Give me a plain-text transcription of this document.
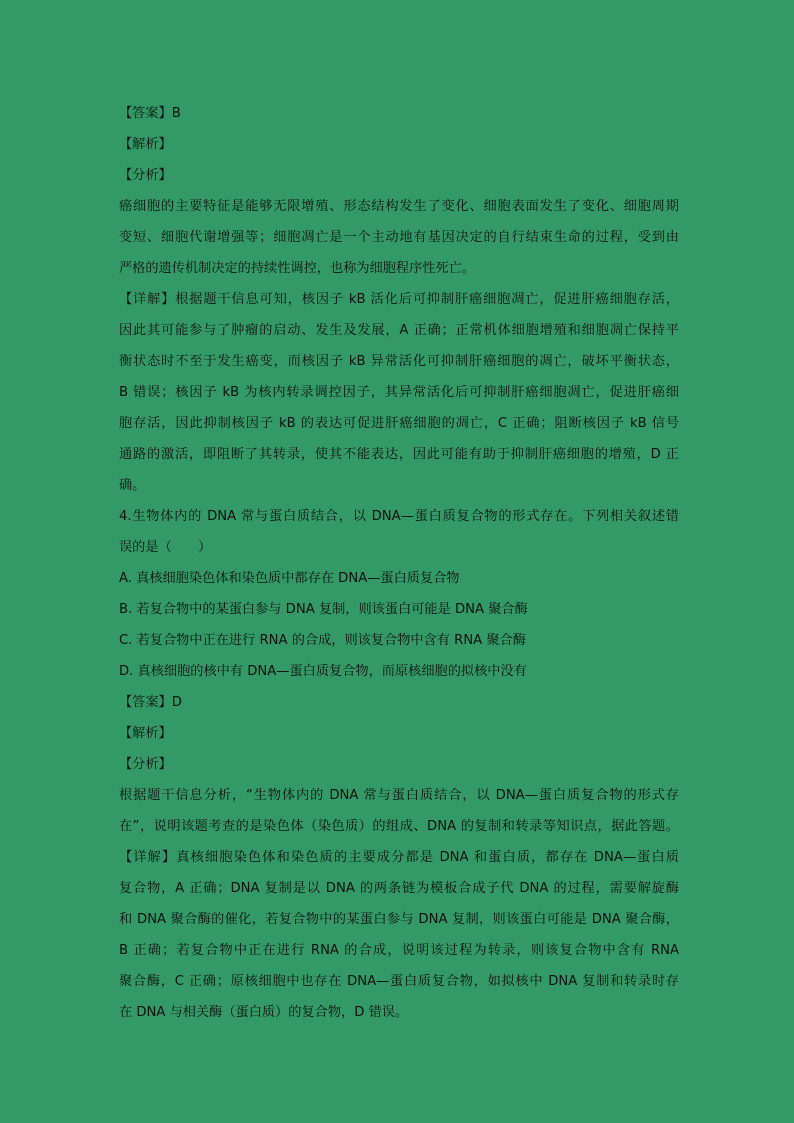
【答案】B
【解析】
【分析】
癌细胞的主要特征是能够无限增殖、形态结构发生了变化、细胞表面发生了变化、细胞周期
变短、细胞代谢增强等；细胞凋亡是一个主动地有基因决定的自行结束生命的过程，受到由
严格的遗传机制决定的持续性调控，也称为细胞程序性死亡。
【详解】根据题干信息可知，核因子 kB 活化后可抑制肝癌细胞凋亡，促进肝癌细胞存活，
因此其可能参与了肿瘤的启动、发生及发展，A 正确；正常机体细胞增殖和细胞凋亡保持平
衡状态时不至于发生癌变，而核因子 kB 异常活化可抑制肝癌细胞的凋亡，破坏平衡状态，
B 错误；核因子 kB 为核内转录调控因子，其异常活化后可抑制肝癌细胞凋亡，促进肝癌细
胞存活，因此抑制核因子 kB 的表达可促进肝癌细胞的凋亡，C 正确；阻断核因子 kB 信号
通路的激活，即阻断了其转录，使其不能表达，因此可能有助于抑制肝癌细胞的增殖，D 正
确。
4.生物体内的 DNA 常与蛋白质结合，以 DNA—蛋白质复合物的形式存在。下列相关叙述错
误的是（　　）
A. 真核细胞染色体和染色质中都存在 DNA—蛋白质复合物
B. 若复合物中的某蛋白参与 DNA 复制，则该蛋白可能是 DNA 聚合酶
C. 若复合物中正在进行 RNA 的合成，则该复合物中含有 RNA 聚合酶
D. 真核细胞的核中有 DNA—蛋白质复合物，而原核细胞的拟核中没有
【答案】D
【解析】
【分析】
根据题干信息分析，“生物体内的 DNA 常与蛋白质结合，以 DNA—蛋白质复合物的形式存
在”，说明该题考查的是染色体（染色质）的组成、DNA 的复制和转录等知识点，据此答题。
【详解】真核细胞染色体和染色质的主要成分都是 DNA 和蛋白质，都存在 DNA—蛋白质
复合物，A 正确；DNA 复制是以 DNA 的两条链为模板合成子代 DNA 的过程，需要解旋酶
和 DNA 聚合酶的催化，若复合物中的某蛋白参与 DNA 复制，则该蛋白可能是 DNA 聚合酶，
B 正确；若复合物中正在进行 RNA 的合成，说明该过程为转录，则该复合物中含有 RNA
聚合酶，C 正确；原核细胞中也存在 DNA—蛋白质复合物，如拟核中 DNA 复制和转录时存
在 DNA 与相关酶（蛋白质）的复合物，D 错误。
